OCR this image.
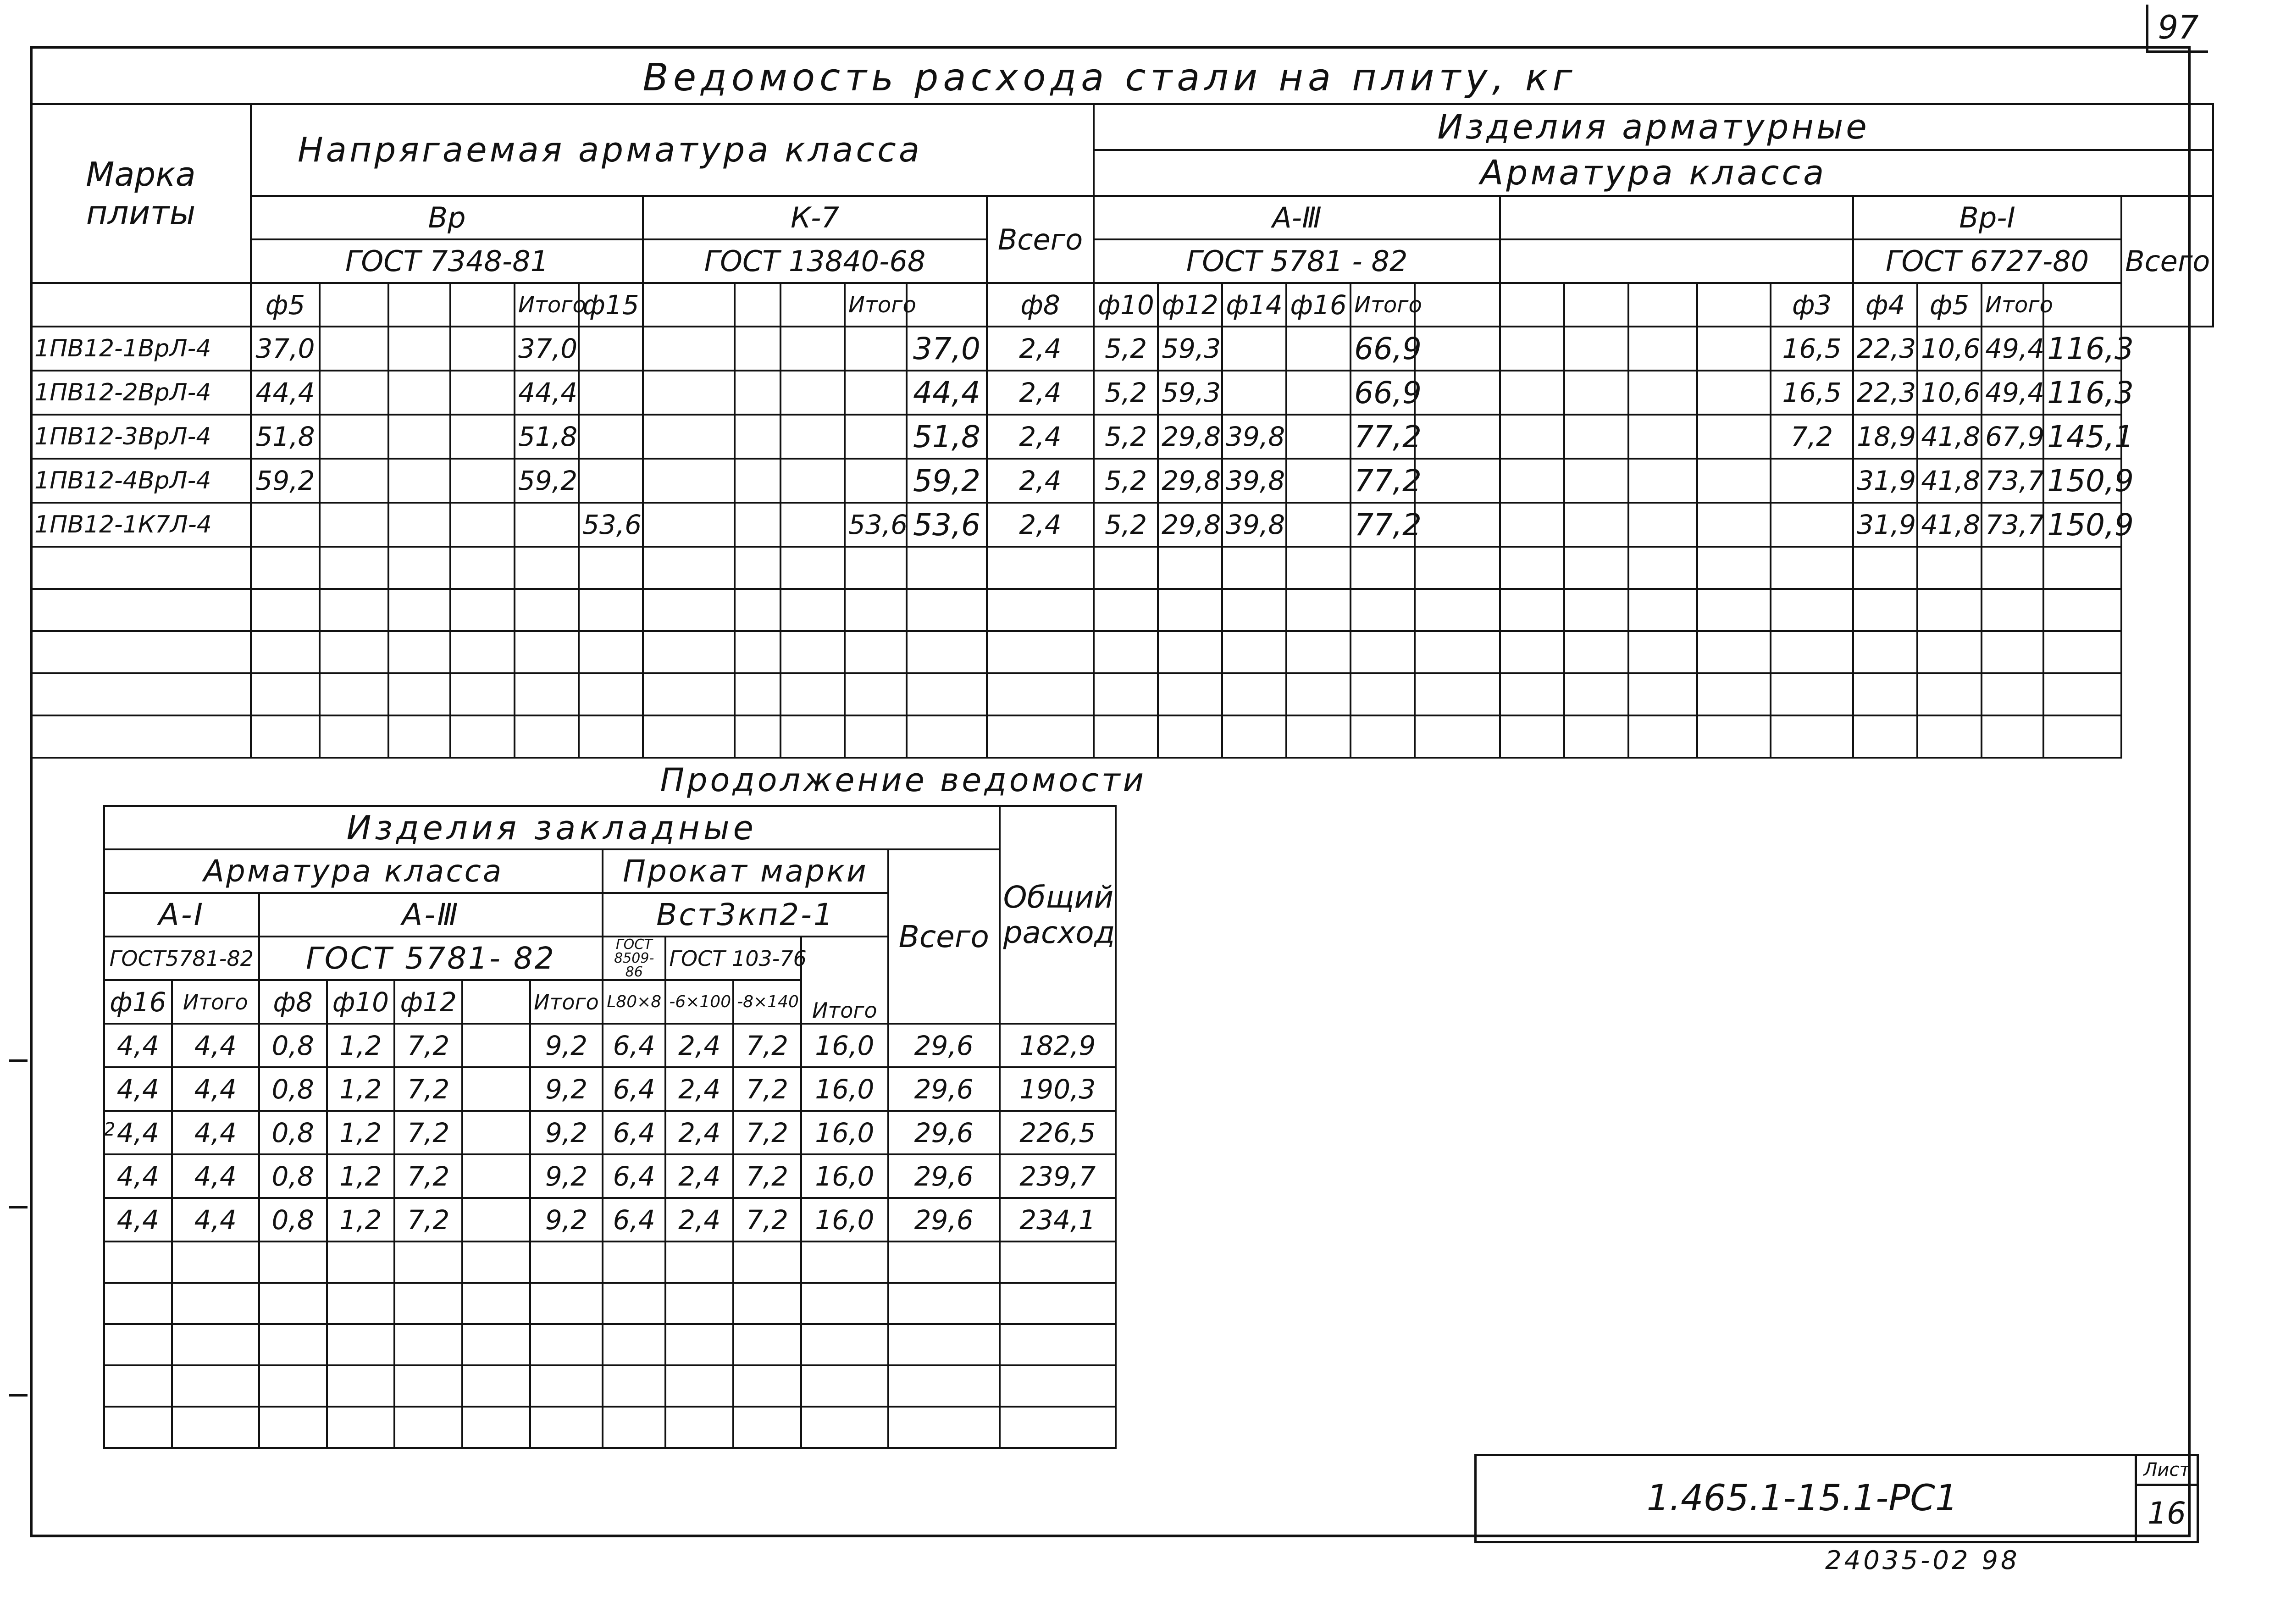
97
Ведомость расхода стали на плиту, кг
Марка плиты	Напрягаемая арматура класса												Изделия арматурные															
													Арматура класса															
	Вр						К-7					Всего	А-Ⅲ											Вр-Ⅰ				Всего
	ГОСТ 7348-81						ГОСТ 13840-68						ГОСТ 5781 - 82											ГОСТ 6727-80				
	ф5				Итого	ф15				Итого		ф8	ф10	ф12	ф14	ф16	Итого						ф3	ф4	ф5	Итого		
1ПВ12-1ВрЛ-4	37,0				37,0						37,0	2,4	5,2	59,3			66,9						16,5	22,3	10,6	49,4	116,3	
1ПВ12-2ВрЛ-4	44,4				44,4						44,4	2,4	5,2	59,3			66,9						16,5	22,3	10,6	49,4	116,3	
1ПВ12-3ВрЛ-4	51,8				51,8						51,8	2,4	5,2	29,8	39,8		77,2						7,2	18,9	41,8	67,9	145,1	
1ПВ12-4ВрЛ-4	59,2				59,2						59,2	2,4	5,2	29,8	39,8		77,2							31,9	41,8	73,7	150,9	
1ПВ12-1К7Л-4						53,6				53,6	53,6	2,4	5,2	29,8	39,8		77,2							31,9	41,8	73,7	150,9	

Продолжение ведомости
Изделия закладные												Общий расход
Арматура класса							Прокат марки				Всего	
А-Ⅰ		А-Ⅲ					Вст3кп2-1					
ГОСТ5781-82		ГОСТ 5781- 82					ГОСТ 8509-86	ГОСТ 103-76		Итого		
ф16	Итого	ф8	ф10	ф12		Итого	L80×8	-6×100	-8×140			
4,4	4,4	0,8	1,2	7,2		9,2	6,4	2,4	7,2	16,0	29,6	182,9
4,4	4,4	0,8	1,2	7,2		9,2	6,4	2,4	7,2	16,0	29,6	190,3
4,4	4,4	0,8	1,2	7,2		9,2	6,4	2,4	7,2	16,0	29,6	226,5
4,4	4,4	0,8	1,2	7,2		9,2	6,4	2,4	7,2	16,0	29,6	239,7
4,4	4,4	0,8	1,2	7,2		9,2	6,4	2,4	7,2	16,0	29,6	234,1

2
1.465.1-15.1-РС1
Лист
16
24035-02 98
